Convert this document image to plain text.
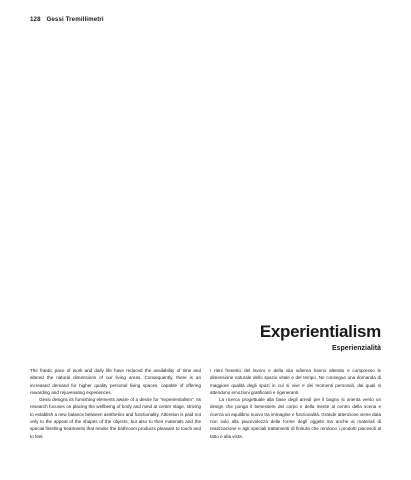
128 Gessi Tremillimetri
Experientialism
Esperienzialità

The frantic pace of work and daily life have reduced the availability of time and altered the natural dimensions of our living areas. Consequently, there is an increased demand for higher quality personal living spaces, capable of offering rewarding and rejuvenating experiences.

Gessi designs its furnishing elements aware of a desire for “experientialism”. Its research focuses on placing the wellbeing of body and mind at center stage, striving to establish a new balance between aesthetics and functionality. Attention is paid not only to the appeal of the shapes of the objects, but also to their materials and the special finishing treatments that render the bathroom products pleasant to touch and to feel.

I ritmi frenetici del lavoro e della vita odierna hanno alterato e compresso le dimensione naturale dello spazio vitale e del tempo. Ne consegue una domanda di maggiore qualità degli spazi in cui si vive e dei momenti personali, dai quali si attendono emozioni gratificanti e rigeneranti.

La ricerca progettuale alla base degli arredi per il bagno si orienta verso un design che ponga il benessere del corpo e della mente al centro della scena e ricerca un equilibrio nuovo tra immagine e funzionalità. Grande attenzione viene data non solo alla piacevolezza delle forme degli oggetti ma anche ai materiali di realizzazione e agli speciali trattamenti di finitura che rendono i prodotti piacevoli al tatto e alla vista.
